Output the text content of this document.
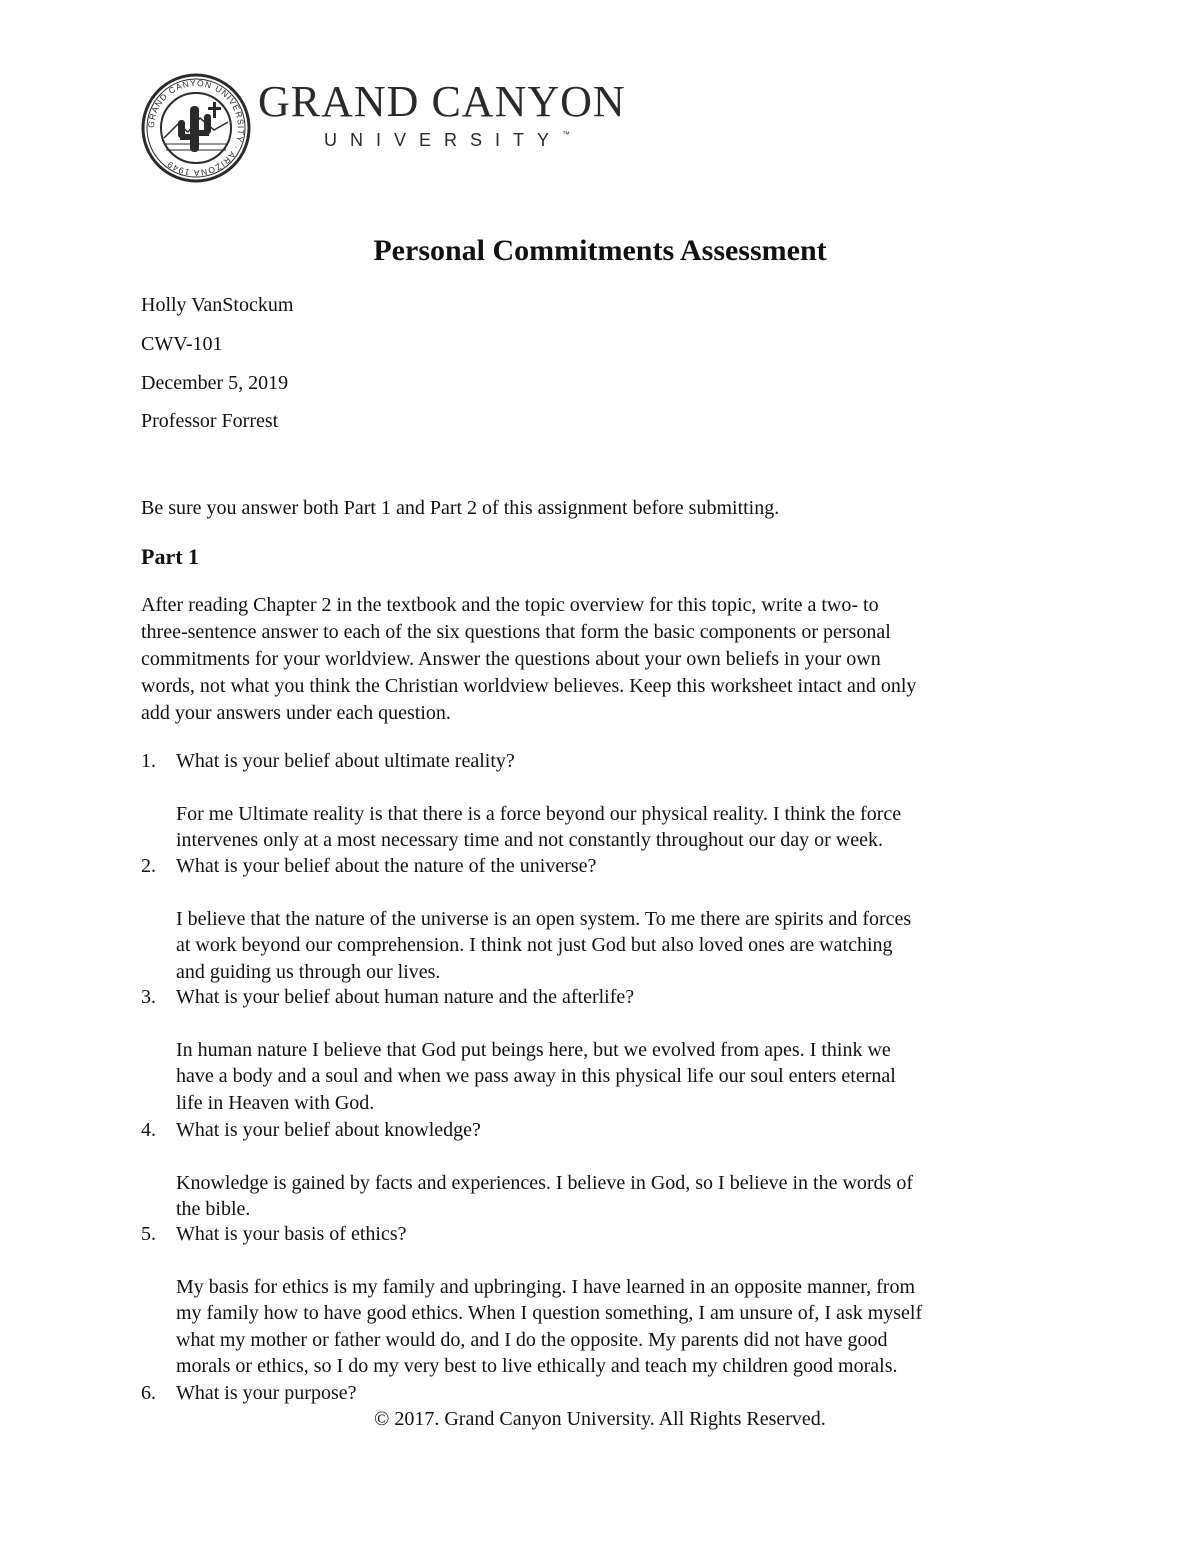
GRAND CANYON UNIVERSITY · ARIZONA 1949
GRAND CANYON
UNIVERSITY™
Personal Commitments Assessment

Holly VanStockum

CWV-101

December 5, 2019

Professor Forrest

Be sure you answer both Part 1 and Part 2 of this assignment before submitting.

Part 1

After reading Chapter 2 in the textbook and the topic overview for this topic, write a two- to
three-sentence answer to each of the six questions that form the basic components or personal
commitments for your worldview. Answer the questions about your own beliefs in your own
words, not what you think the Christian worldview believes. Keep this worksheet intact and only
add your answers under each question.

1. What is your belief about ultimate reality?
For me Ultimate reality is that there is a force beyond our physical reality. I think the force
intervenes only at a most necessary time and not constantly throughout our day or week.
2. What is your belief about the nature of the universe?
I believe that the nature of the universe is an open system. To me there are spirits and forces
at work beyond our comprehension. I think not just God but also loved ones are watching
and guiding us through our lives.
3. What is your belief about human nature and the afterlife?
In human nature I believe that God put beings here, but we evolved from apes. I think we
have a body and a soul and when we pass away in this physical life our soul enters eternal
life in Heaven with God.
4. What is your belief about knowledge?
Knowledge is gained by facts and experiences. I believe in God, so I believe in the words of
the bible.
5. What is your basis of ethics?
My basis for ethics is my family and upbringing. I have learned in an opposite manner, from
my family how to have good ethics. When I question something, I am unsure of, I ask myself
what my mother or father would do, and I do the opposite. My parents did not have good
morals or ethics, so I do my very best to live ethically and teach my children good morals.
6. What is your purpose?

© 2017. Grand Canyon University. All Rights Reserved.
